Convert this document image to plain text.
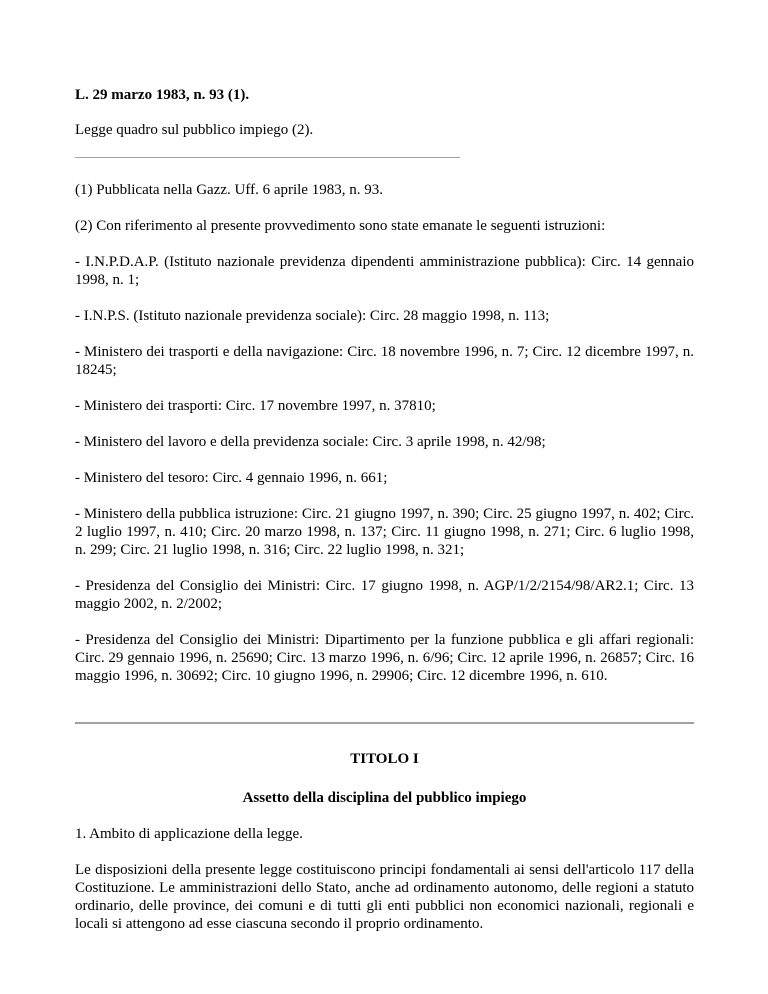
L. 29 marzo 1983, n. 93 (1).

Legge quadro sul pubblico impiego (2).

(1) Pubblicata nella Gazz. Uff. 6 aprile 1983, n. 93.

(2) Con riferimento al presente provvedimento sono state emanate le seguenti istruzioni:

- I.N.P.D.A.P. (Istituto nazionale previdenza dipendenti amministrazione pubblica): Circ. 14 gennaio 1998, n. 1;

- I.N.P.S. (Istituto nazionale previdenza sociale): Circ. 28 maggio 1998, n. 113;

- Ministero dei trasporti e della navigazione: Circ. 18 novembre 1996, n. 7; Circ. 12 dicembre 1997, n. 18245;

- Ministero dei trasporti: Circ. 17 novembre 1997, n. 37810;

- Ministero del lavoro e della previdenza sociale: Circ. 3 aprile 1998, n. 42/98;

- Ministero del tesoro: Circ. 4 gennaio 1996, n. 661;

- Ministero della pubblica istruzione: Circ. 21 giugno 1997, n. 390; Circ. 25 giugno 1997, n. 402; Circ. 2 luglio 1997, n. 410; Circ. 20 marzo 1998, n. 137; Circ. 11 giugno 1998, n. 271; Circ. 6 luglio 1998, n. 299; Circ. 21 luglio 1998, n. 316; Circ. 22 luglio 1998, n. 321;

- Presidenza del Consiglio dei Ministri: Circ. 17 giugno 1998, n. AGP/1/2/2154/98/AR2.1; Circ. 13 maggio 2002, n. 2/2002;

- Presidenza del Consiglio dei Ministri: Dipartimento per la funzione pubblica e gli affari regionali: Circ. 29 gennaio 1996, n. 25690; Circ. 13 marzo 1996, n. 6/96; Circ. 12 aprile 1996, n. 26857; Circ. 16 maggio 1996, n. 30692; Circ. 10 giugno 1996, n. 29906; Circ. 12 dicembre 1996, n. 610.

TITOLO I

Assetto della disciplina del pubblico impiego

1. Ambito di applicazione della legge.

Le disposizioni della presente legge costituiscono principi fondamentali ai sensi dell'articolo 117 della Costituzione. Le amministrazioni dello Stato, anche ad ordinamento autonomo, delle regioni a statuto ordinario, delle province, dei comuni e di tutti gli enti pubblici non economici nazionali, regionali e locali si attengono ad esse ciascuna secondo il proprio ordinamento.
